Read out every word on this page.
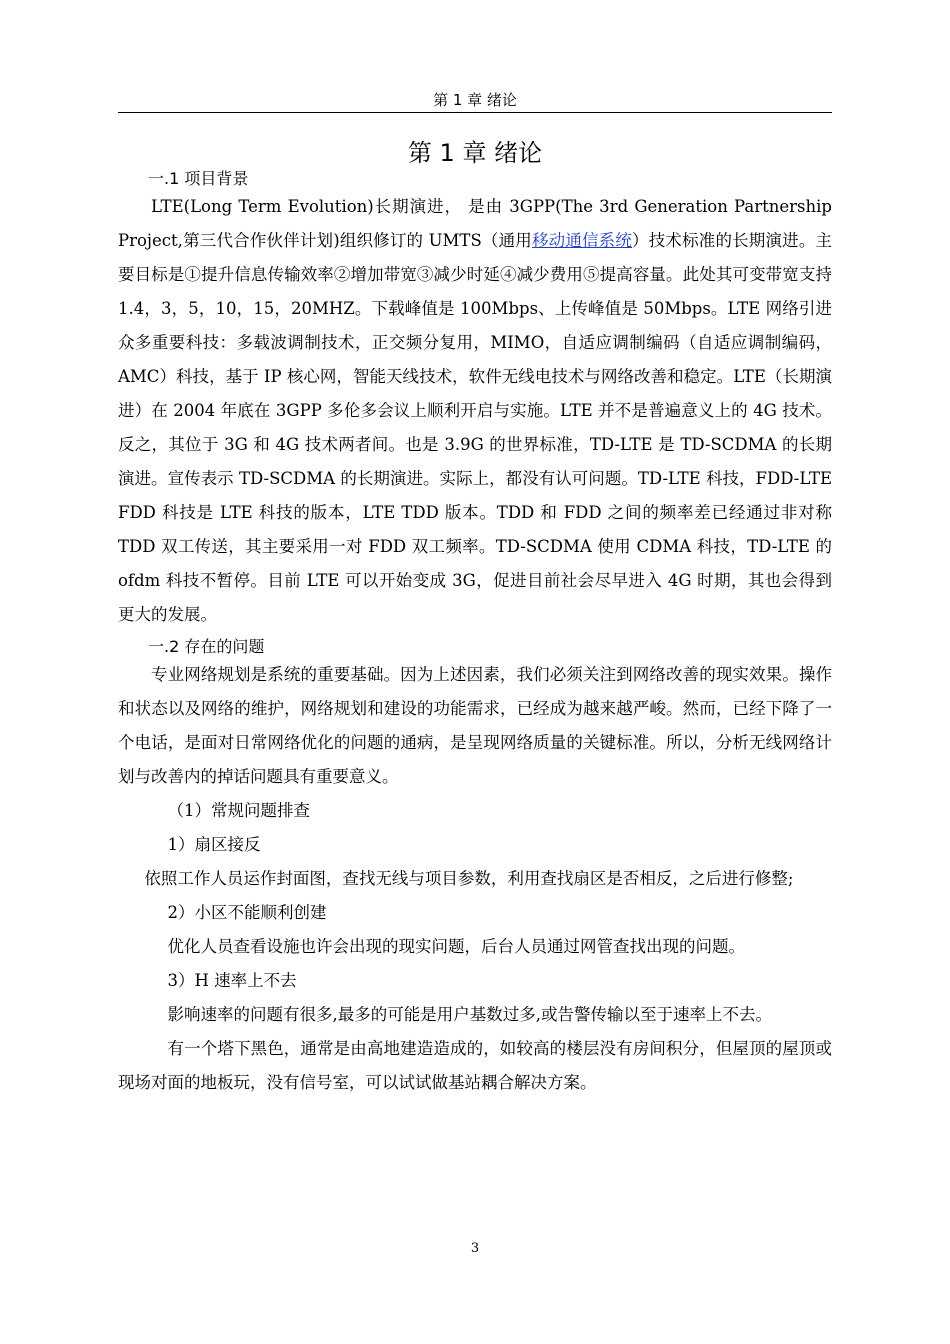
第 1 章 绪论
第 1 章 绪论

一.1 项目背景

LTE(Long Term Evolution)长期演进， 是由 3GPP(The 3rd Generation Partnership Project,第三代合作伙伴计划)组织修订的 UMTS（通用移动通信系统）技术标准的长期演进。主要目标是①提升信息传输效率②增加带宽③减少时延④减少费用⑤提高容量。此处其可变带宽支持 1.4，3，5，10，15，20MHZ。下载峰值是 100Mbps、上传峰值是 50Mbps。LTE 网络引进众多重要科技：多载波调制技术，正交频分复用，MIMO，自适应调制编码（自适应调制编码，AMC）科技，基于 IP 核心网，智能天线技术，软件无线电技术与网络改善和稳定。LTE（长期演进）在 2004 年底在 3GPP 多伦多会议上顺利开启与实施。LTE 并不是普遍意义上的 4G 技术。反之，其位于 3G 和 4G 技术两者间。也是 3.9G 的世界标准，TD-LTE 是 TD-SCDMA 的长期演进。宣传表示 TD-SCDMA 的长期演进。实际上，都没有认可问题。TD-LTE 科技，FDD-LTE FDD 科技是 LTE 科技的版本，LTE TDD 版本。TDD 和 FDD 之间的频率差已经通过非对称 TDD 双工传送，其主要采用一对 FDD 双工频率。TD-SCDMA 使用 CDMA 科技，TD-LTE 的 ofdm 科技不暂停。目前 LTE 可以开始变成 3G，促进目前社会尽早进入 4G 时期，其也会得到更大的发展。

一.2 存在的问题

专业网络规划是系统的重要基础。因为上述因素，我们必须关注到网络改善的现实效果。操作和状态以及网络的维护，网络规划和建设的功能需求，已经成为越来越严峻。然而，已经下降了一个电话，是面对日常网络优化的问题的通病，是呈现网络质量的关键标准。所以，分析无线网络计划与改善内的掉话问题具有重要意义。

（1）常规问题排查

1）扇区接反

依照工作人员运作封面图，查找无线与项目参数，利用查找扇区是否相反，之后进行修整;

2）小区不能顺利创建

优化人员查看设施也许会出现的现实问题，后台人员通过网管查找出现的问题。

3）H 速率上不去

影响速率的问题有很多,最多的可能是用户基数过多,或告警传输以至于速率上不去。

有一个塔下黑色，通常是由高地建造造成的，如较高的楼层没有房间积分，但屋顶的屋顶或现场对面的地板玩，没有信号室，可以试试做基站耦合解决方案。

3
